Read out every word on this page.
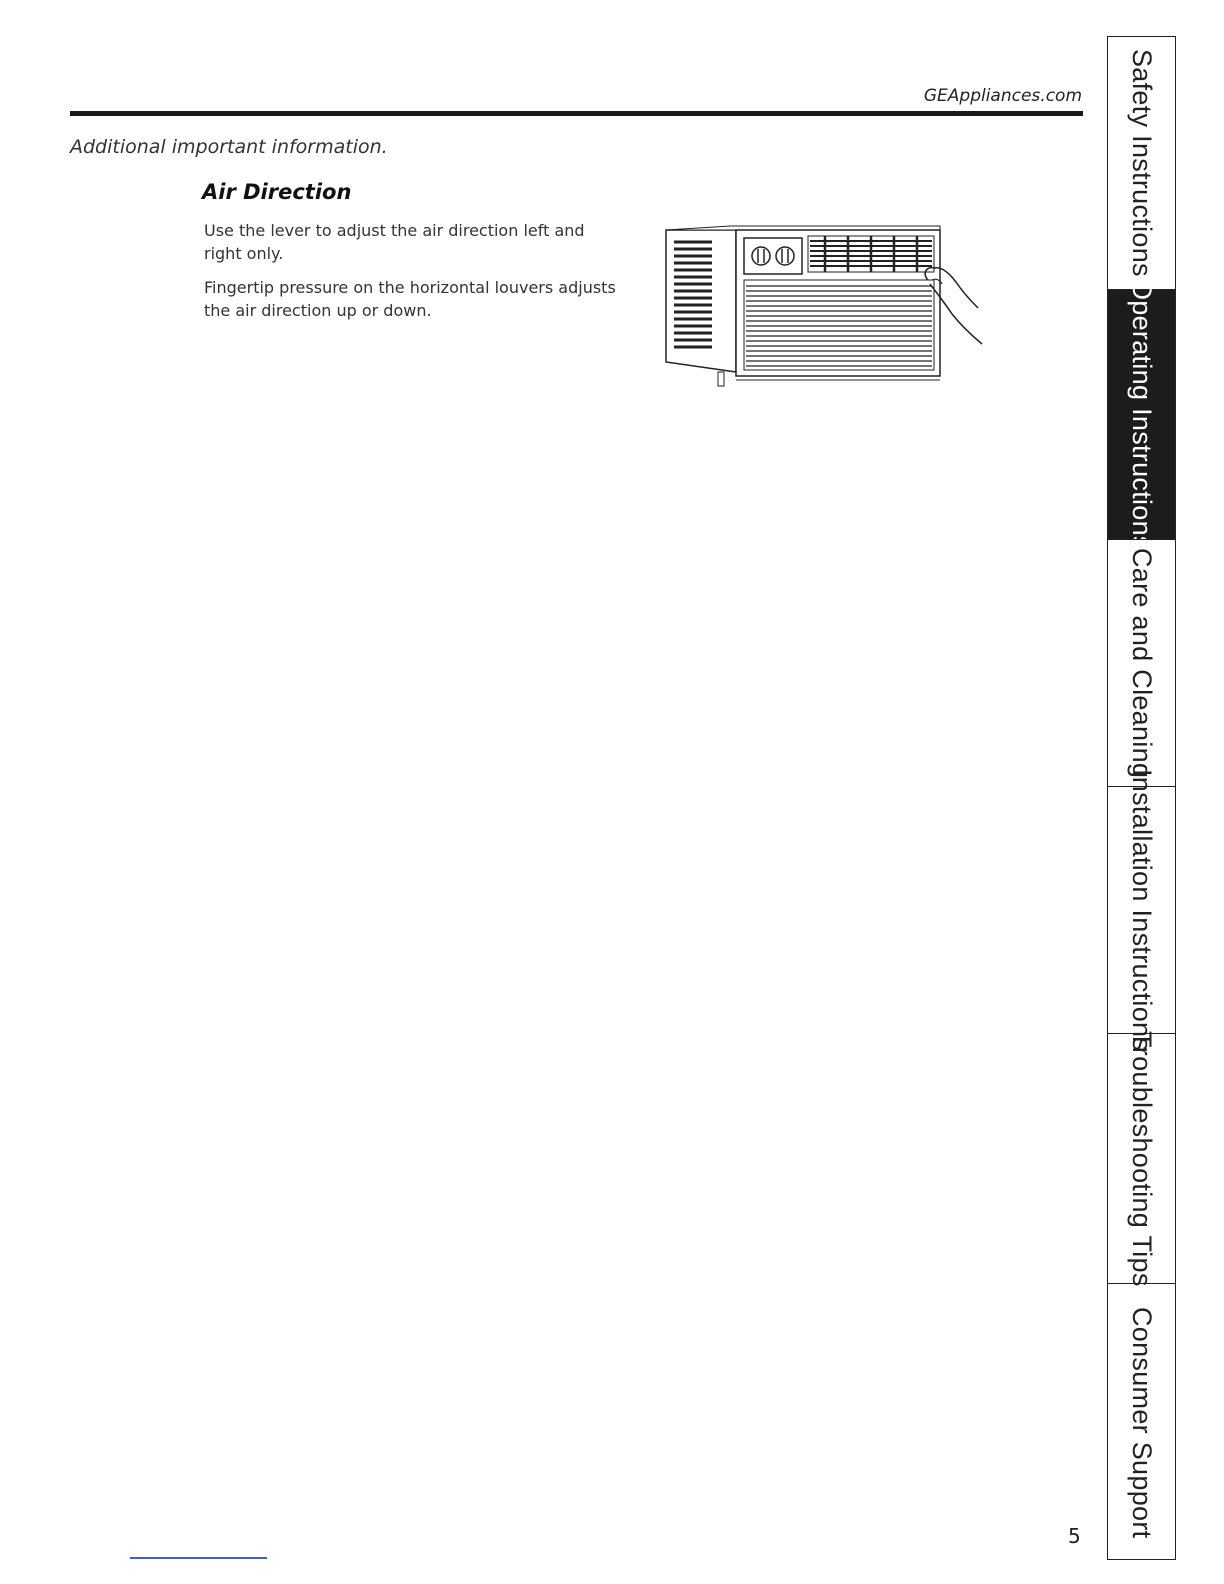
GEAppliances.com
Additional important information.
Air Direction

Use the lever to adjust the air direction left and right only.

Fingertip pressure on the horizontal louvers adjusts the air direction up or down.

Safety Instructions
Operating Instructions
Care and Cleaning
Installation Instructions
Troubleshooting Tips
Consumer Support
5
